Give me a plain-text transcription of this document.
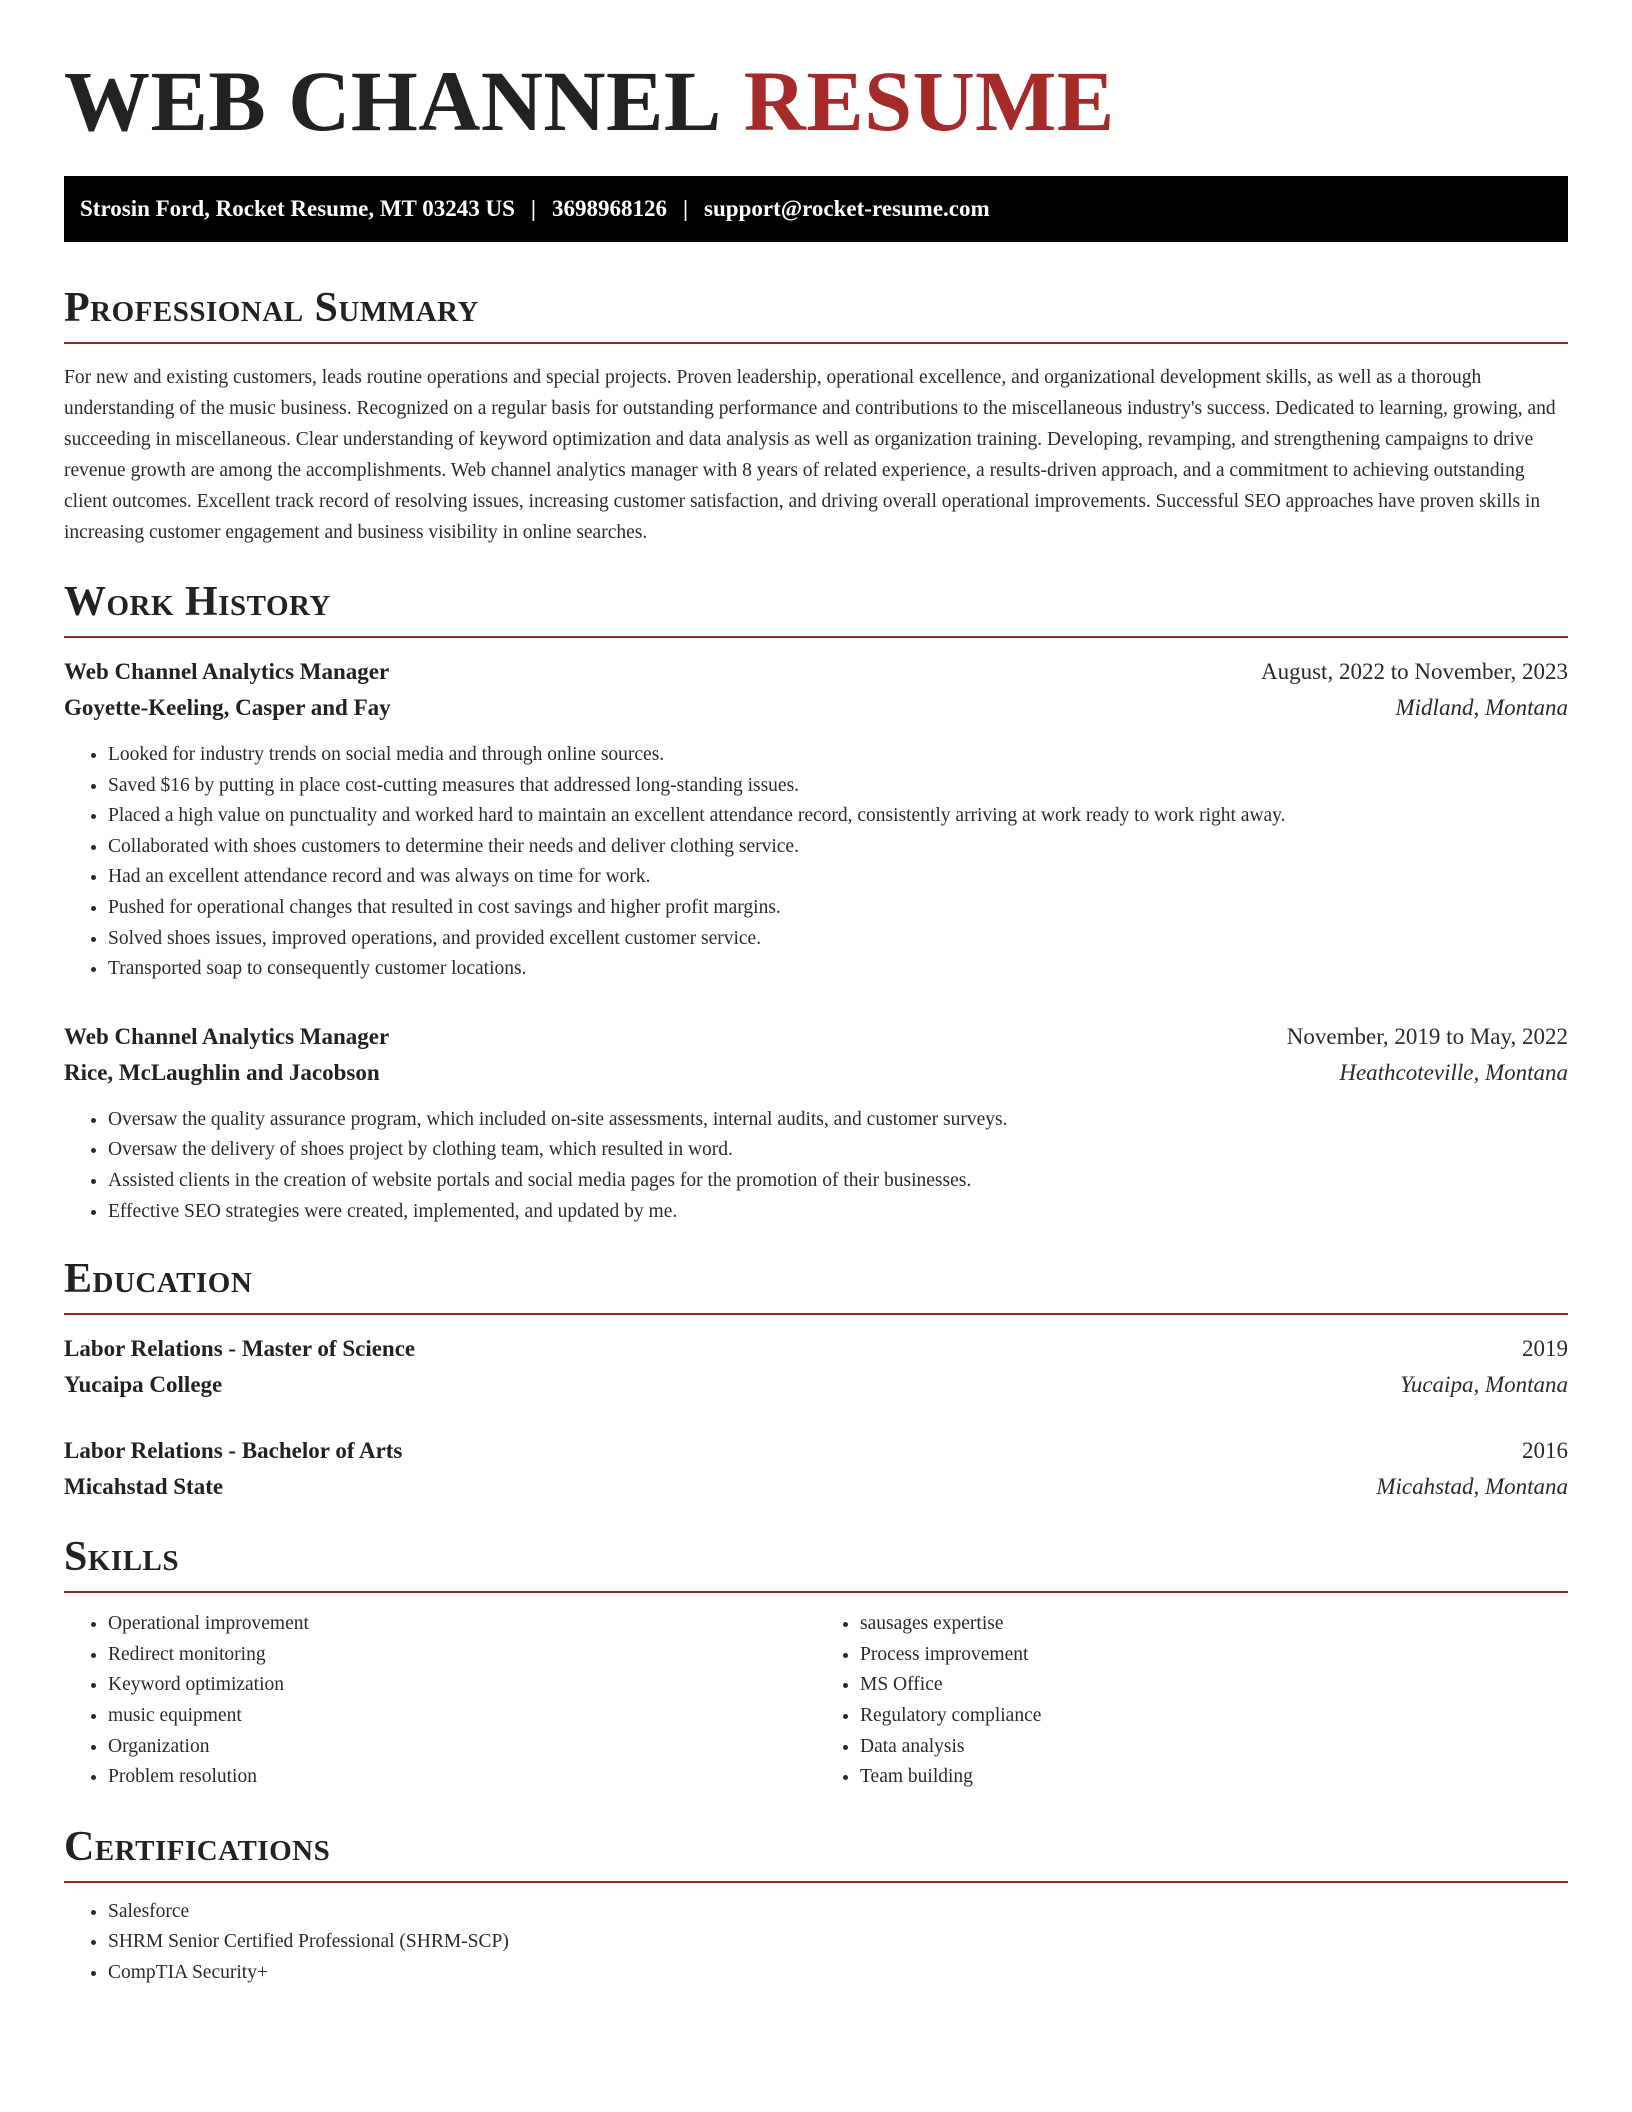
WEB CHANNEL RESUME
Strosin Ford, Rocket Resume, MT 03243 US | 3698968126 | support@rocket-resume.com
Professional Summary

For new and existing customers, leads routine operations and special projects. Proven leadership, operational excellence, and organizational development skills, as well as a thorough understanding of the music business. Recognized on a regular basis for outstanding performance and contributions to the miscellaneous industry's success. Dedicated to learning, growing, and succeeding in miscellaneous. Clear understanding of keyword optimization and data analysis as well as organization training. Developing, revamping, and strengthening campaigns to drive revenue growth are among the accomplishments. Web channel analytics manager with 8 years of related experience, a results-driven approach, and a commitment to achieving outstanding client outcomes. Excellent track record of resolving issues, increasing customer satisfaction, and driving overall operational improvements. Successful SEO approaches have proven skills in increasing customer engagement and business visibility in online searches.

Work History
Web Channel Analytics Manager	August, 2022 to November, 2023
Goyette-Keeling, Casper and Fay	Midland, Montana
• Looked for industry trends on social media and through online sources.
• Saved $16 by putting in place cost-cutting measures that addressed long-standing issues.
• Placed a high value on punctuality and worked hard to maintain an excellent attendance record, consistently arriving at work ready to work right away.
• Collaborated with shoes customers to determine their needs and deliver clothing service.
• Had an excellent attendance record and was always on time for work.
• Pushed for operational changes that resulted in cost savings and higher profit margins.
• Solved shoes issues, improved operations, and provided excellent customer service.
• Transported soap to consequently customer locations.
Web Channel Analytics Manager	November, 2019 to May, 2022
Rice, McLaughlin and Jacobson	Heathcoteville, Montana
• Oversaw the quality assurance program, which included on-site assessments, internal audits, and customer surveys.
• Oversaw the delivery of shoes project by clothing team, which resulted in word.
• Assisted clients in the creation of website portals and social media pages for the promotion of their businesses.
• Effective SEO strategies were created, implemented, and updated by me.
Education
Labor Relations - Master of Science	2019
Yucaipa College	Yucaipa, Montana
Labor Relations - Bachelor of Arts	2016
Micahstad State	Micahstad, Montana
Skills
• Operational improvement
• Redirect monitoring
• Keyword optimization
• music equipment
• Organization
• Problem resolution
• sausages expertise
• Process improvement
• MS Office
• Regulatory compliance
• Data analysis
• Team building
Certifications
• Salesforce
• SHRM Senior Certified Professional (SHRM-SCP)
• CompTIA Security+
